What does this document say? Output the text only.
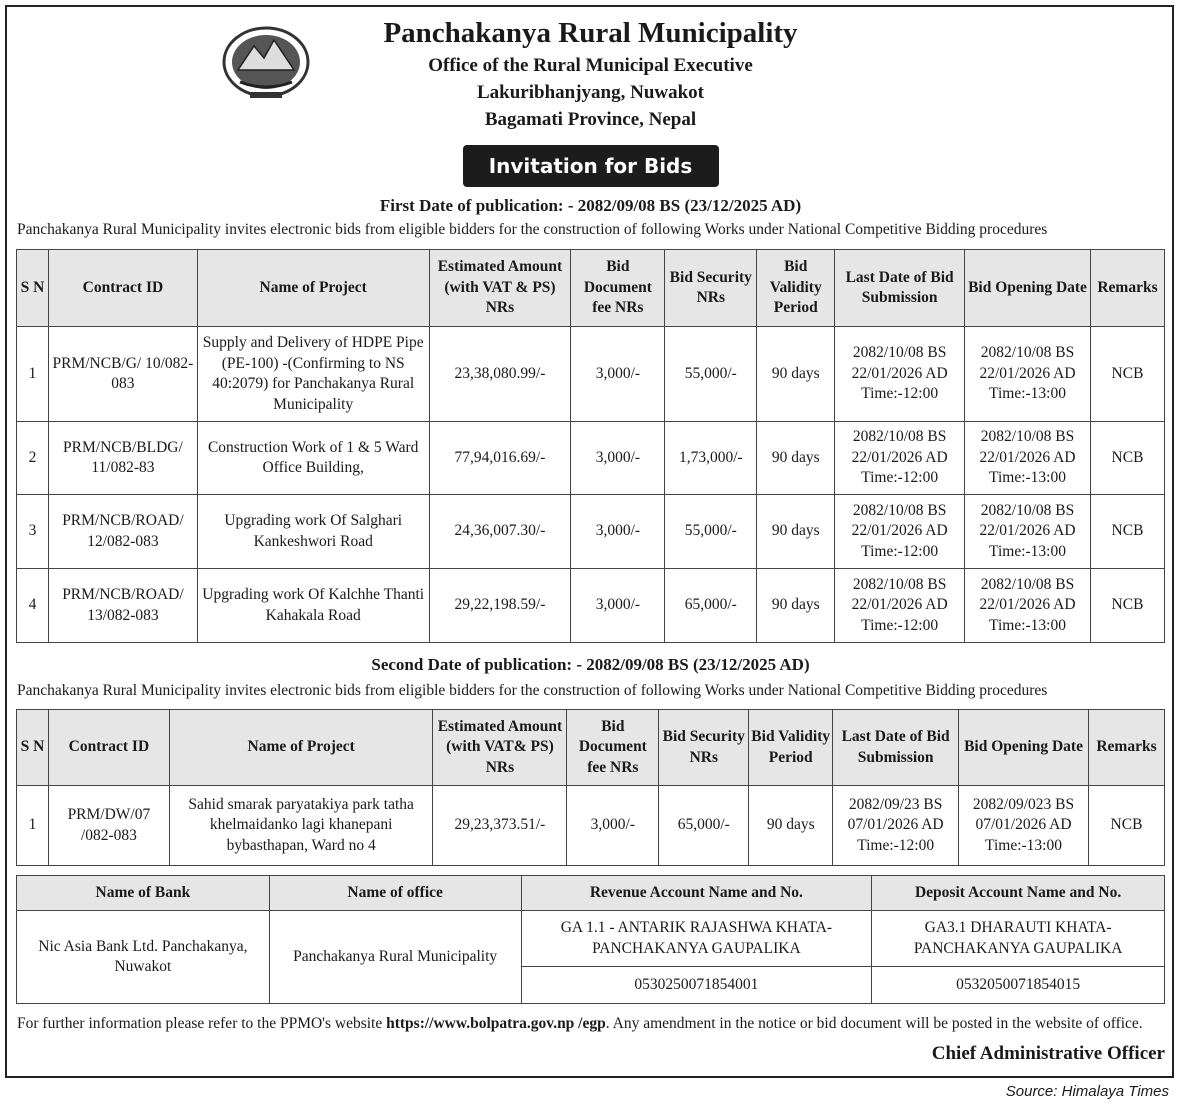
Panchakanya Rural Municipality

Office of the Rural Municipal Executive

Lakuribhanjyang, Nuwakot

Bagamati Province, Nepal

Invitation for Bids
First Date of publication: - 2082/09/08 BS (23/12/2025 AD)
Panchakanya Rural Municipality invites electronic bids from eligible bidders for the construction of following Works under National Competitive Bidding procedures
S N	Contract ID	Name of Project	Estimated Amount (with VAT & PS) NRs	Bid Document fee NRs	Bid Security NRs	Bid Validity Period	Last Date of Bid Submission	Bid Opening Date	Remarks
1	PRM/NCB/G/ 10/082-083	Supply and Delivery of HDPE Pipe (PE-100) -(Confirming to NS 40:2079) for Panchakanya Rural Municipality	23,38,080.99/-	3,000/-	55,000/-	90 days	2082/10/08 BS 22/01/2026 AD Time:-12:00	2082/10/08 BS 22/01/2026 AD Time:-13:00	NCB
2	PRM/NCB/BLDG/ 11/082-83	Construction Work of 1 & 5 Ward Office Building,	77,94,016.69/-	3,000/-	1,73,000/-	90 days	2082/10/08 BS 22/01/2026 AD Time:-12:00	2082/10/08 BS 22/01/2026 AD Time:-13:00	NCB
3	PRM/NCB/ROAD/ 12/082-083	Upgrading work Of Salghari Kankeshwori Road	24,36,007.30/-	3,000/-	55,000/-	90 days	2082/10/08 BS 22/01/2026 AD Time:-12:00	2082/10/08 BS 22/01/2026 AD Time:-13:00	NCB
4	PRM/NCB/ROAD/ 13/082-083	Upgrading work Of Kalchhe Thanti Kahakala Road	29,22,198.59/-	3,000/-	65,000/-	90 days	2082/10/08 BS 22/01/2026 AD Time:-12:00	2082/10/08 BS 22/01/2026 AD Time:-13:00	NCB
Second Date of publication: - 2082/09/08 BS (23/12/2025 AD)
Panchakanya Rural Municipality invites electronic bids from eligible bidders for the construction of following Works under National Competitive Bidding procedures
S N	Contract ID	Name of Project	Estimated Amount (with VAT& PS) NRs	Bid Document fee NRs	Bid Security NRs	Bid Validity Period	Last Date of Bid Submission	Bid Opening Date	Remarks
1	PRM/DW/07 /082-083	Sahid smarak paryatakiya park tatha khelmaidanko lagi khanepani bybasthapan, Ward no 4	29,23,373.51/-	3,000/-	65,000/-	90 days	2082/09/23 BS 07/01/2026 AD Time:-12:00	2082/09/023 BS 07/01/2026 AD Time:-13:00	NCB
Name of Bank	Name of office	Revenue Account Name and No.	Deposit Account Name and No.
Nic Asia Bank Ltd. Panchakanya, Nuwakot	Panchakanya Rural Municipality	GA 1.1 - ANTARIK RAJASHWA KHATA- PANCHAKANYA GAUPALIKA	GA3.1 DHARAUTI KHATA- PANCHAKANYA GAUPALIKA
		0530250071854001	0532050071854015
For further information please refer to the PPMO's website https://www.bolpatra.gov.np /egp. Any amendment in the notice or bid document will be posted in the website of office.
Chief Administrative Officer
Source: Himalaya Times
